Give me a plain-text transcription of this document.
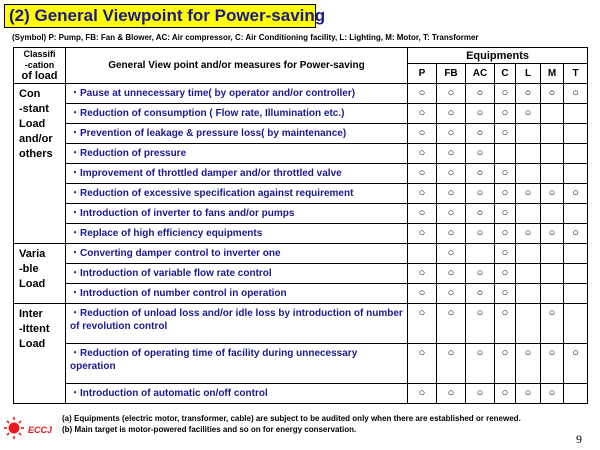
(2) General Viewpoint for Power-saving
(Symbol) P: Pump, FB: Fan & Blower, AC: Air compressor, C: Air Conditioning facility, L: Lighting, M: Motor, T: Transformer
Classifi
-cation
of load	General View point and/or measures for Power-saving	Equipments						
		P	FB	AC	C	L	M	T

Con
-stant
Load
and/or
others	・Pause at unnecessary time( by operator and/or controller)	○	○	○	○	○	○	○
	・Reduction of consumption ( Flow rate, Illumination etc.)	○	○	○	○	○		
	・Prevention of leakage & pressure loss( by maintenance)	○	○	○	○			
	・Reduction of pressure	○	○	○				
	・Improvement of throttled damper and/or throttled valve	○	○	○	○			
	・Reduction of excessive specification against requirement	○	○	○	○	○	○	○
	・Introduction of inverter to fans and/or pumps	○	○	○	○			
	・Replace of high efficiency equipments	○	○	○	○	○	○	○

Varia
-ble
Load	・Converting damper control to inverter one		○		○			
	・Introduction of variable flow rate control	○	○	○	○			
	・Introduction of number control in operation	○	○	○	○			

Inter
-Ittent
Load	・Reduction of unload loss and/or idle loss by introduction of number of revolution control	○	○	○	○		○	
	・Reduction of operating time of facility during unnecessary operation	○	○	○	○	○	○	○
	・Introduction of automatic on/off control	○	○	○	○	○	○	
ECCJ
(a) Equipments (electric motor, transformer, cable) are subject to be audited only when there are established or renewed.
(b) Main target is motor-powered facilities and so on for energy conservation.
9
